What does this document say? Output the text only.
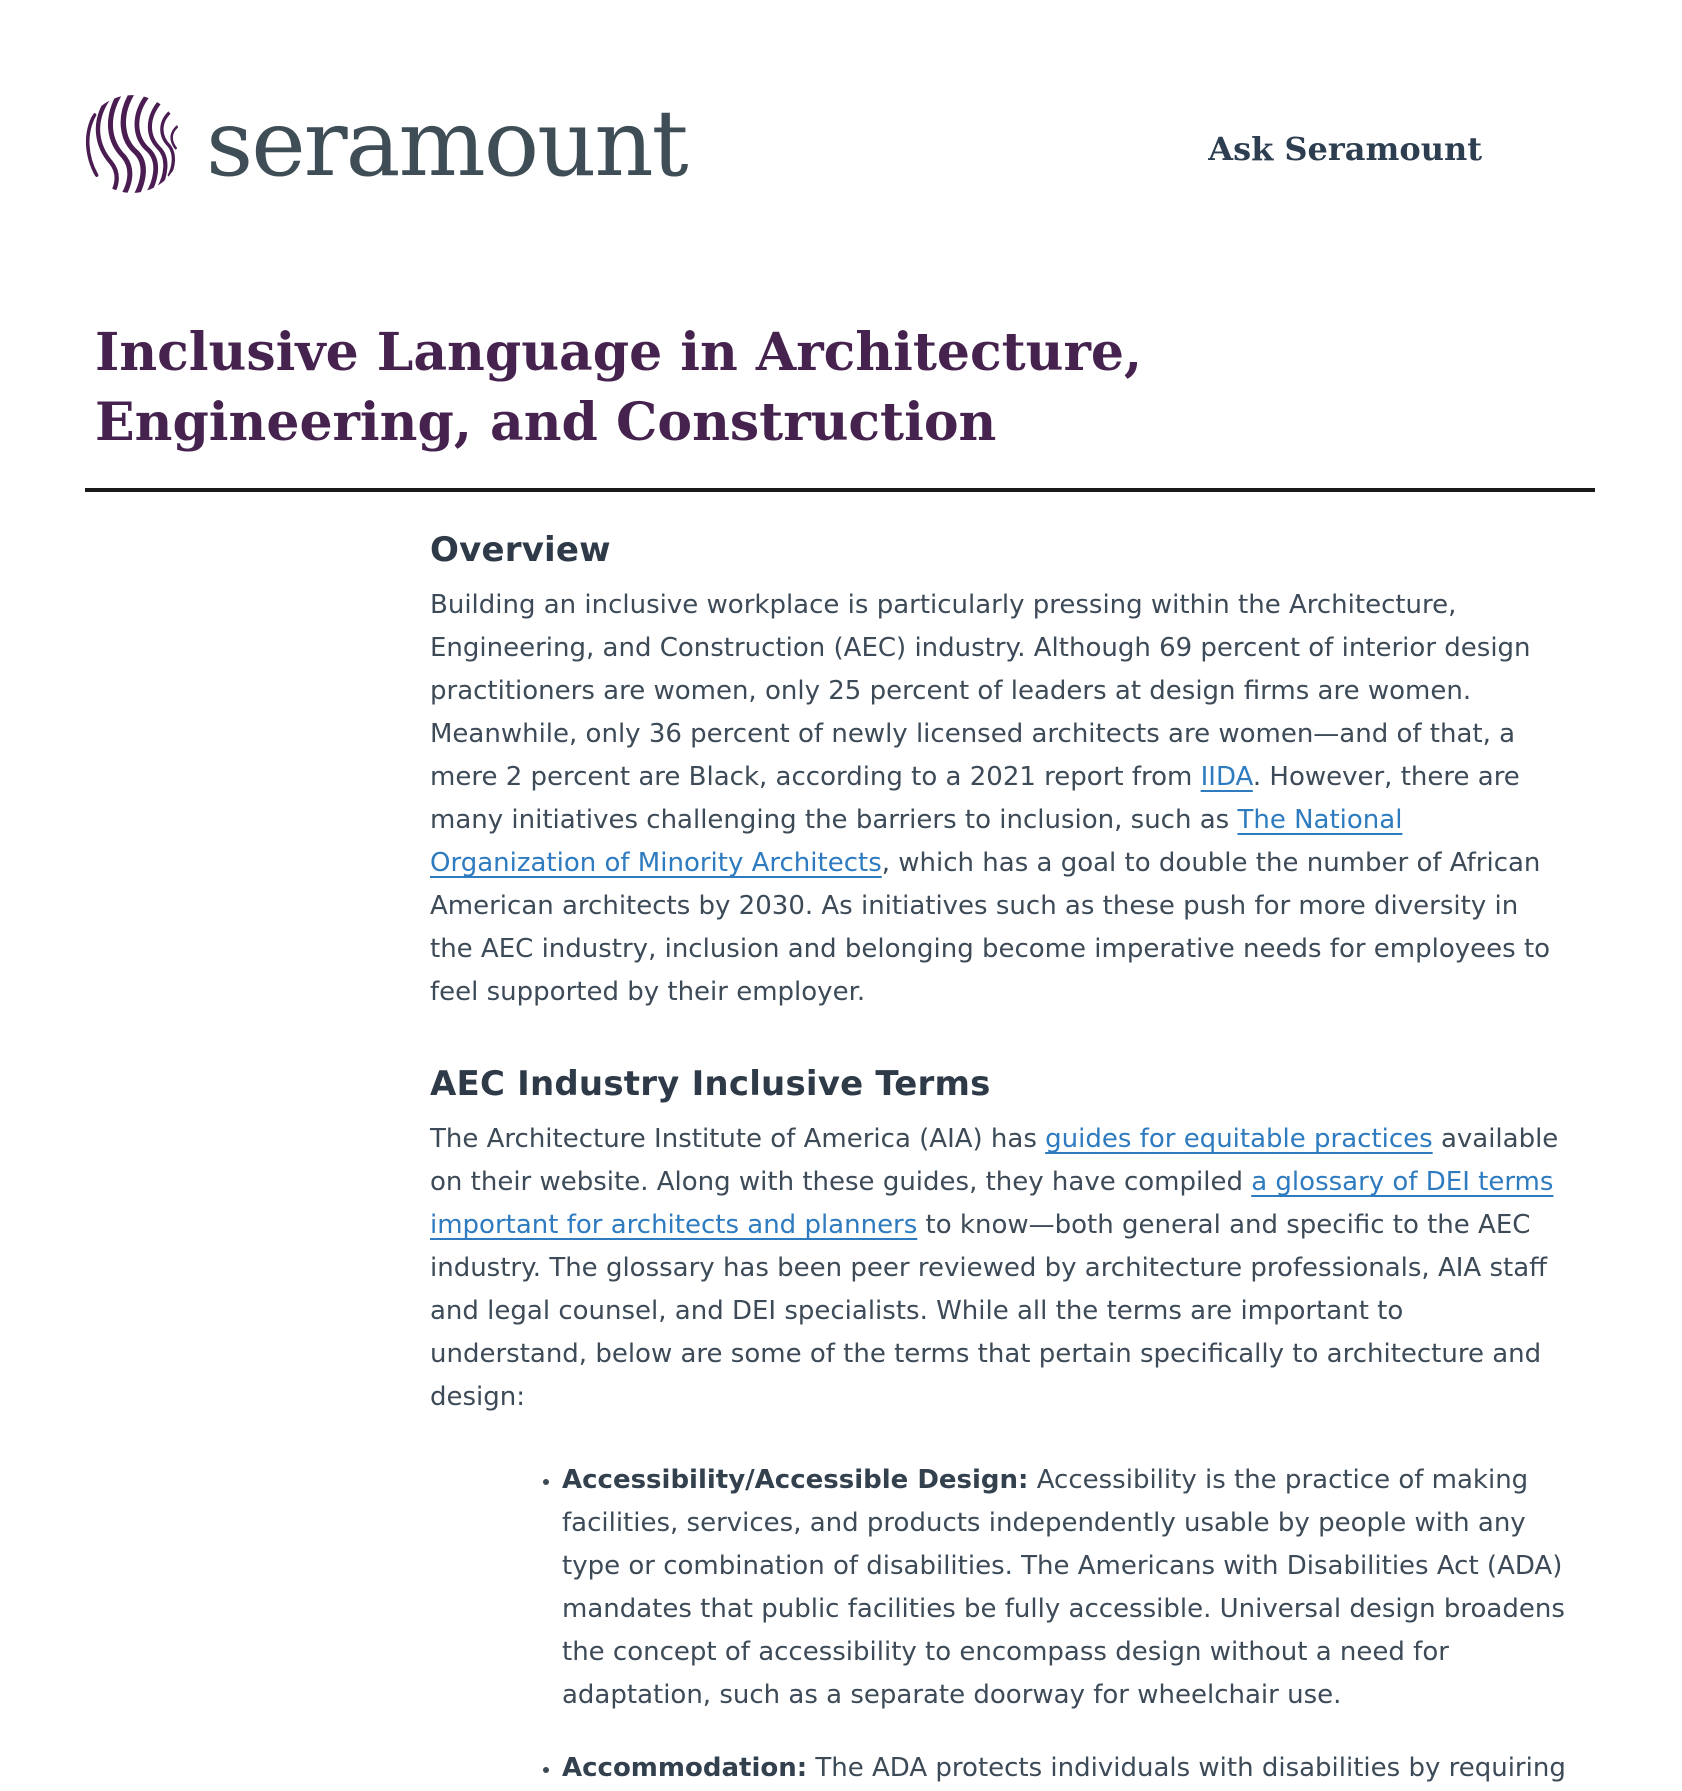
seramount	Ask Seramount
Inclusive Language in Architecture, Engineering, and Construction
Overview

Building an inclusive workplace is particularly pressing within the Architecture, Engineering, and Construction (AEC) industry. Although 69 percent of interior design practitioners are women, only 25 percent of leaders at design firms are women. Meanwhile, only 36 percent of newly licensed architects are women—and of that, a mere 2 percent are Black, according to a 2021 report from IIDA. However, there are many initiatives challenging the barriers to inclusion, such as The National Organization of Minority Architects, which has a goal to double the number of African American architects by 2030. As initiatives such as these push for more diversity in the AEC industry, inclusion and belonging become imperative needs for employees to feel supported by their employer.

AEC Industry Inclusive Terms

The Architecture Institute of America (AIA) has guides for equitable practices available on their website. Along with these guides, they have compiled a glossary of DEI terms important for architects and planners to know—both general and specific to the AEC industry. The glossary has been peer reviewed by architecture professionals, AIA staff and legal counsel, and DEI specialists. While all the terms are important to understand, below are some of the terms that pertain specifically to architecture and design:

• Accessibility/Accessible Design: Accessibility is the practice of making facilities, services, and products independently usable by people with any type or combination of disabilities. The Americans with Disabilities Act (ADA) mandates that public facilities be fully accessible. Universal design broadens the concept of accessibility to encompass design without a need for adaptation, such as a separate doorway for wheelchair use.
• Accommodation: The ADA protects individuals with disabilities by requiring
